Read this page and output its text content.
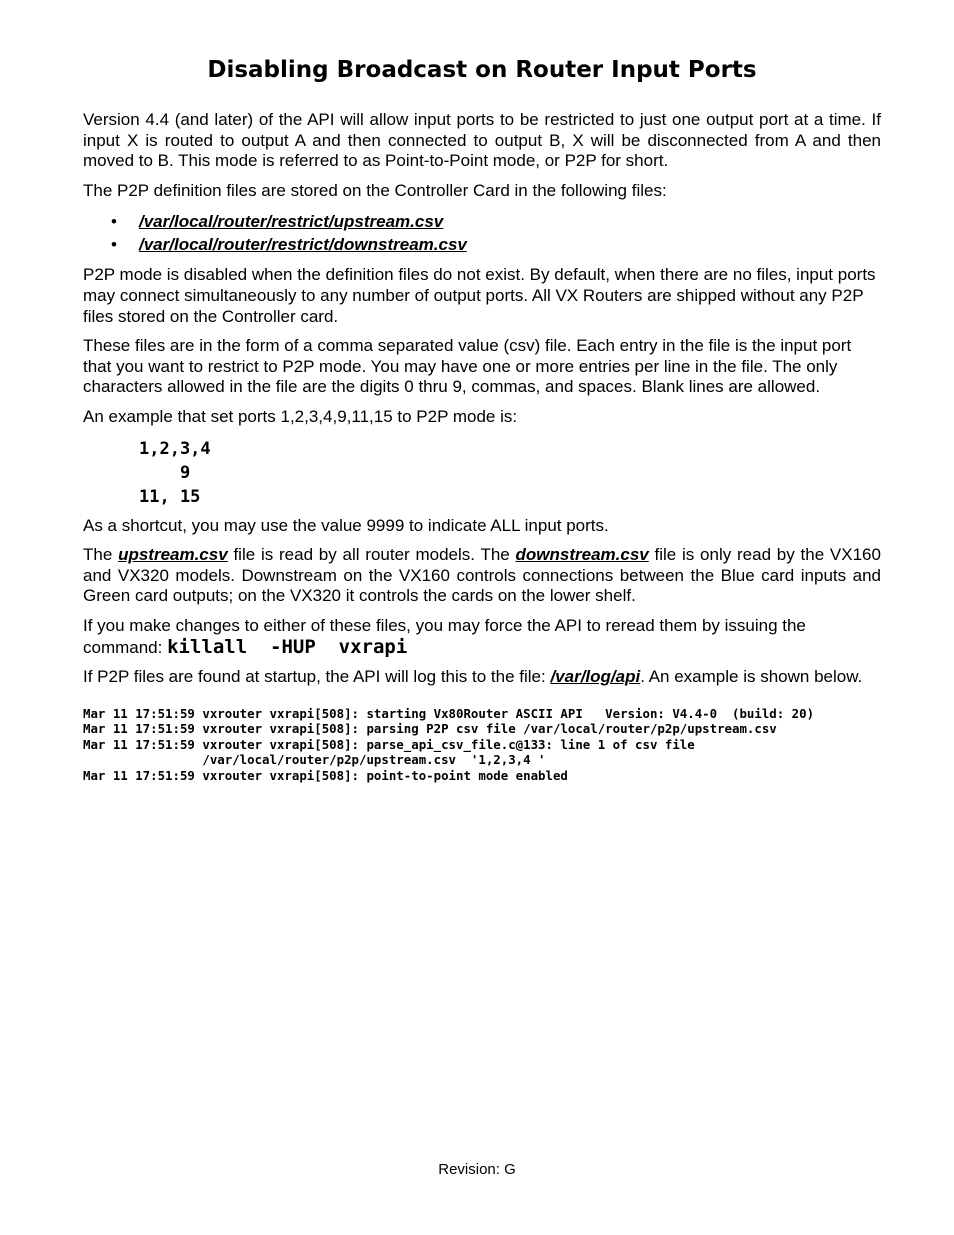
Disabling Broadcast on Router Input Ports

Version 4.4 (and later) of the API will allow input ports to be restricted to just one output port at a time. If input X is routed to output A and then connected to output B, X will be disconnected from A and then moved to B. This mode is referred to as Point-to-Point mode, or P2P for short.

The P2P definition files are stored on the Controller Card in the following files:

• /var/local/router/restrict/upstream.csv
• /var/local/router/restrict/downstream.csv

P2P mode is disabled when the definition files do not exist. By default, when there are no files, input ports may connect simultaneously to any number of output ports. All VX Routers are shipped without any P2P files stored on the Controller card.

These files are in the form of a comma separated value (csv) file. Each entry in the file is the input port that you want to restrict to P2P mode. You may have one or more entries per line in the file. The only characters allowed in the file are the digits 0 thru 9, commas, and spaces. Blank lines are allowed.

An example that set ports 1,2,3,4,9,11,15 to P2P mode is:

1,2,3,4
9
11, 15

As a shortcut, you may use the value 9999 to indicate ALL input ports.

The upstream.csv file is read by all router models. The downstream.csv file is only read by the VX160 and VX320 models. Downstream on the VX160 controls connections between the Blue card inputs and Green card outputs; on the VX320 it controls the cards on the lower shelf.

If you make changes to either of these files, you may force the API to reread them by issuing the command: killall  -HUP  vxrapi

If P2P files are found at startup, the API will log this to the file: /var/log/api. An example is shown below.

Mar 11 17:51:59 vxrouter vxrapi[508]: starting Vx80Router ASCII API   Version: V4.4-0  (build: 20)
Mar 11 17:51:59 vxrouter vxrapi[508]: parsing P2P csv file /var/local/router/p2p/upstream.csv
Mar 11 17:51:59 vxrouter vxrapi[508]: parse_api_csv_file.c@133: line 1 of csv file
/var/local/router/p2p/upstream.csv  '1,2,3,4 '
Mar 11 17:51:59 vxrouter vxrapi[508]: point-to-point mode enabled
Revision: G
